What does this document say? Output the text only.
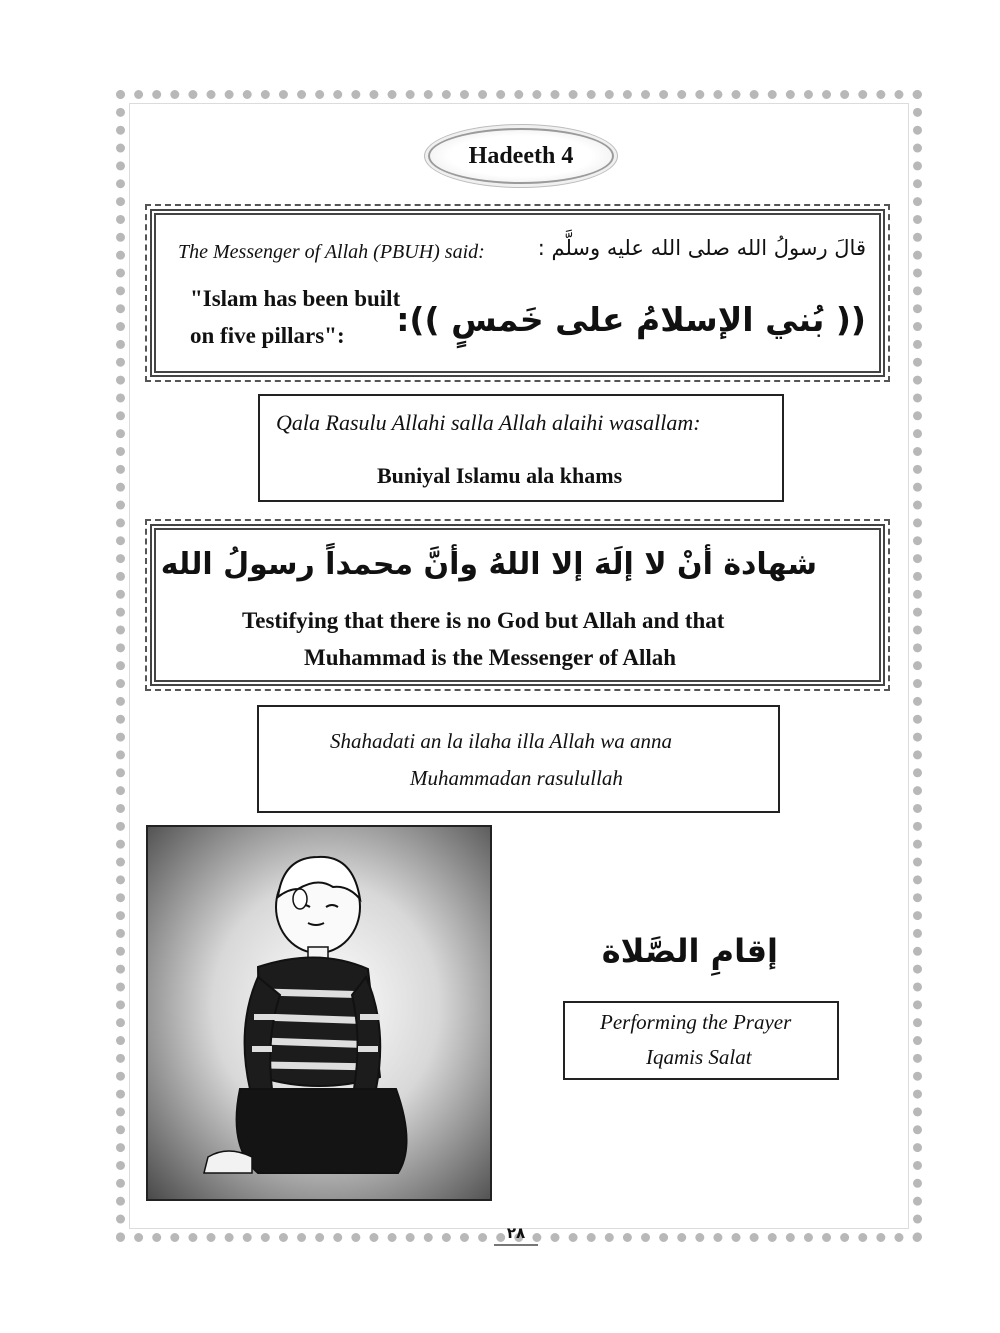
Hadeeth 4
The Messenger of Allah (PBUH) said:	قالَ رسولُ الله صلى الله عليه وسلَّم :
"Islam has been built
on five pillars": (( بُني الإسلامُ على خَمسٍ )):
Qala Rasulu Allahi salla Allah alaihi wasallam:
Buniyal Islamu ala khams
شهادة أنْ لا إلَهَ إلا اللهُ وأنَّ محمداً رسولُ الله
Testifying that there is no God but Allah and that
Muhammad is the Messenger of Allah
Shahadati an la ilaha illa Allah wa anna
Muhammadan rasulullah
إقامِ الصَّلاة
Performing the Prayer
Iqamis Salat
٢٨
